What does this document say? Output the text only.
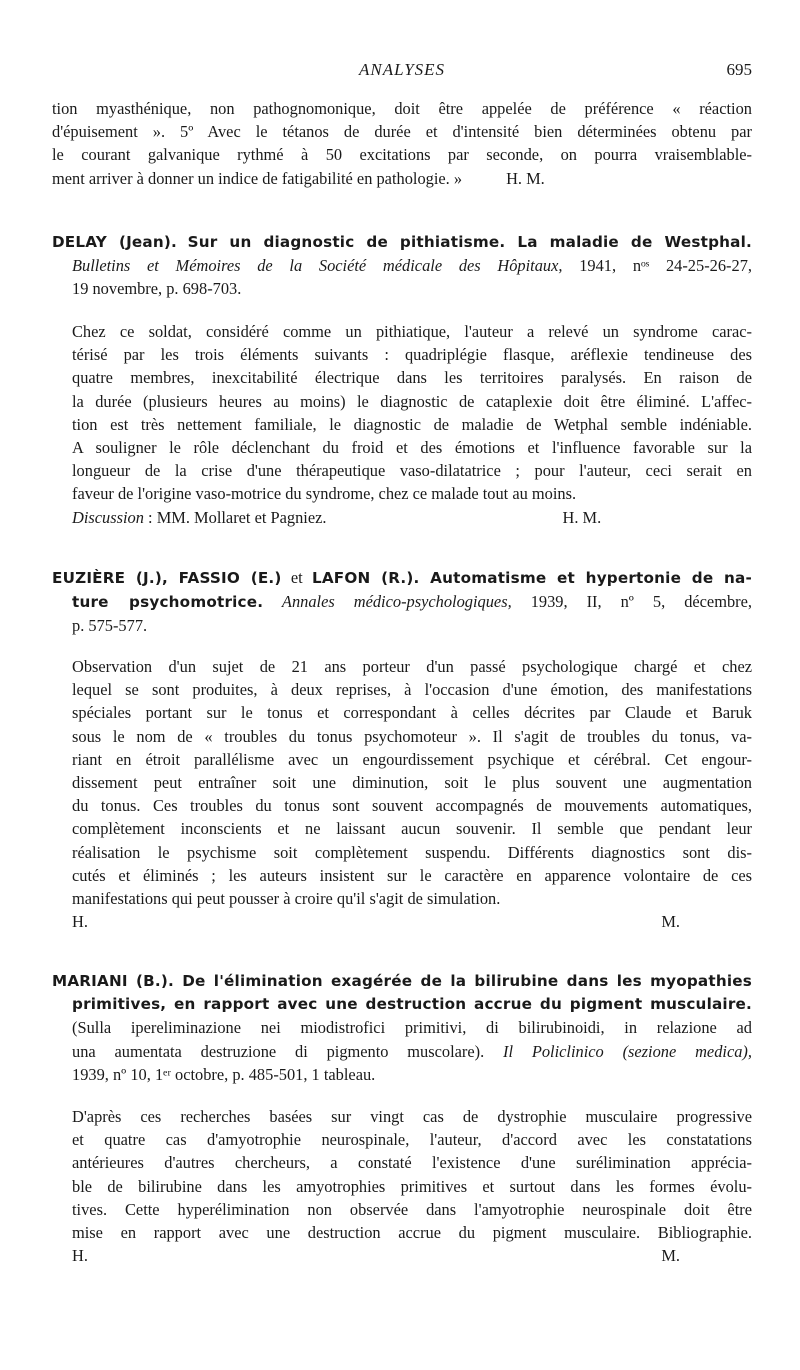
ANALYSES	695
tion myasthénique, non pathognomonique, doit être appelée de préférence « réaction
d'épuisement ». 5º Avec le tétanos de durée et d'intensité bien déterminées obtenu par
le courant galvanique rythmé à 50 excitations par seconde, on pourra vraisemblable-
ment arriver à donner un indice de fatigabilité en pathologie. »	H. M.
DELAY (Jean). Sur un diagnostic de pithiatisme. La maladie de Westphal.
Bulletins et Mémoires de la Société médicale des Hôpitaux, 1941, nᵒˢ 24-25-26-27,
19 novembre, p. 698-703.
Chez ce soldat, considéré comme un pithiatique, l'auteur a relevé un syndrome carac-
térisé par les trois éléments suivants : quadriplégie flasque, aréflexie tendineuse des
quatre membres, inexcitabilité électrique dans les territoires paralysés. En raison de
la durée (plusieurs heures au moins) le diagnostic de cataplexie doit être éliminé. L'affec-
tion est très nettement familiale, le diagnostic de maladie de Wetphal semble indéniable.
A souligner le rôle déclenchant du froid et des émotions et l'influence favorable sur la
longueur de la crise d'une thérapeutique vaso-dilatatrice ; pour l'auteur, ceci serait en
faveur de l'origine vaso-motrice du syndrome, chez ce malade tout au moins.
Discussion : MM. Mollaret et Pagniez.	H. M.
EUZIÈRE (J.), FASSIO (E.) et LAFON (R.). Automatisme et hypertonie de na-
ture psychomotrice. Annales médico-psychologiques, 1939, II, nº 5, décembre,
p. 575-577.
Observation d'un sujet de 21 ans porteur d'un passé psychologique chargé et chez
lequel se sont produites, à deux reprises, à l'occasion d'une émotion, des manifestations
spéciales portant sur le tonus et correspondant à celles décrites par Claude et Baruk
sous le nom de « troubles du tonus psychomoteur ». Il s'agit de troubles du tonus, va-
riant en étroit parallélisme avec un engourdissement psychique et cérébral. Cet engour-
dissement peut entraîner soit une diminution, soit le plus souvent une augmentation
du tonus. Ces troubles du tonus sont souvent accompagnés de mouvements automatiques,
complètement inconscients et ne laissant aucun souvenir. Il semble que pendant leur
réalisation le psychisme soit complètement suspendu. Différents diagnostics sont dis-
cutés et éliminés ; les auteurs insistent sur le caractère en apparence volontaire de ces
manifestations qui peut pousser à croire qu'il s'agit de simulation.
H. M.
MARIANI (B.). De l'élimination exagérée de la bilirubine dans les myopathies
primitives, en rapport avec une destruction accrue du pigment musculaire.
(Sulla ipereliminazione nei miodistrofici primitivi, di bilirubinoidi, in relazione ad
una aumentata destruzione di pigmento muscolare). Il Policlinico (sezione medica),
1939, nº 10, 1ᵉʳ octobre, p. 485-501, 1 tableau.
D'après ces recherches basées sur vingt cas de dystrophie musculaire progressive
et quatre cas d'amyotrophie neurospinale, l'auteur, d'accord avec les constatations
antérieures d'autres chercheurs, a constaté l'existence d'une surélimination apprécia-
ble de bilirubine dans les amyotrophies primitives et surtout dans les formes évolu-
tives. Cette hyperélimination non observée dans l'amyotrophie neurospinale doit être
mise en rapport avec une destruction accrue du pigment musculaire. Bibliographie.
H. M.
